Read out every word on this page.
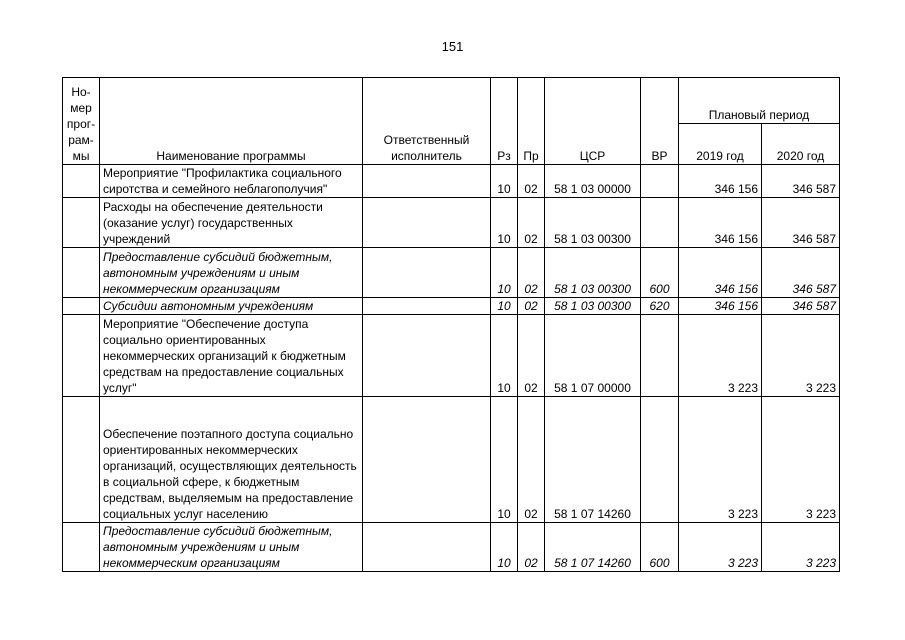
151
Но-
мер
прог-
рам-
мы	Наименование программы	Ответственный исполнитель	Рз	Пр	ЦСР	ВР	Плановый период	
							2019 год	2020 год
	Мероприятие "Профилактика социального сиротства и семейного неблагополучия"		10	02	58 1 03 00000		346 156	346 587
	Расходы на обеспечение деятельности (оказание услуг) государственных учреждений		10	02	58 1 03 00300		346 156	346 587
	Предоставление субсидий бюджетным, автономным учреждениям и иным некоммерческим организациям		10	02	58 1 03 00300	600	346 156	346 587
	Субсидии автономным учреждениям		10	02	58 1 03 00300	620	346 156	346 587
	Мероприятие "Обеспечение доступа социально ориентированных некоммерческих организаций к бюджетным средствам на предоставление социальных услуг"		10	02	58 1 07 00000		3 223	3 223
	Обеспечение поэтапного доступа социально ориентированных некоммерческих организаций, осуществляющих деятельность в социальной сфере, к бюджетным средствам, выделяемым на предоставление социальных услуг населению		10	02	58 1 07 14260		3 223	3 223
	Предоставление субсидий бюджетным, автономным учреждениям и иным некоммерческим организациям		10	02	58 1 07 14260	600	3 223	3 223
